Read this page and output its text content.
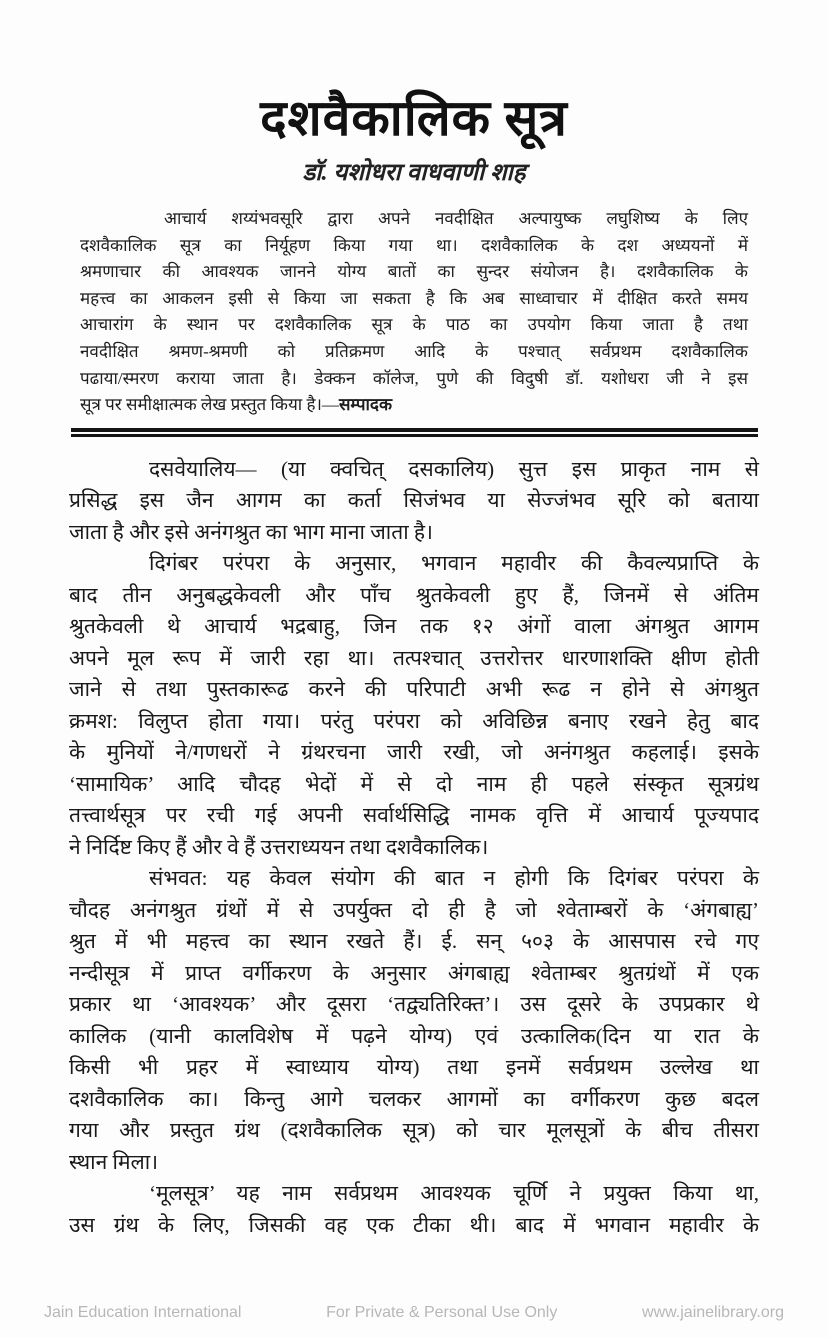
दशवैकालिक सूत्र
डॉ. यशोधरा वाधवाणी शाह
आचार्य शय्यंभवसूरि द्वारा अपने नवदीक्षित अल्पायुष्क लघुशिष्य के लिए
दशवैकालिक सूत्र का निर्यूहण किया गया था। दशवैकालिक के दश अध्ययनों में
श्रमणाचार की आवश्यक जानने योग्य बातों का सुन्दर संयोजन है। दशवैकालिक के
महत्त्व का आकलन इसी से किया जा सकता है कि अब साध्वाचार में दीक्षित करते समय
आचारांग के स्थान पर दशवैकालिक सूत्र के पाठ का उपयोग किया जाता है तथा
नवदीक्षित श्रमण-श्रमणी को प्रतिक्रमण आदि के पश्चात् सर्वप्रथम दशवैकालिक
पढाया/स्मरण कराया जाता है। डेक्कन कॉलेज, पुणे की विदुषी डॉ. यशोधरा जी ने इस
सूत्र पर समीक्षात्मक लेख प्रस्तुत किया है।—सम्पादक
दसवेयालिय— (या क्वचित् दसकालिय) सुत्त इस प्राकृत नाम से
प्रसिद्ध इस जैन आगम का कर्ता सिजंभव या सेज्जंभव सूरि को बताया
जाता है और इसे अनंगश्रुत का भाग माना जाता है।
दिगंबर परंपरा के अनुसार, भगवान महावीर की कैवल्यप्राप्ति के
बाद तीन अनुबद्धकेवली और पाँच श्रुतकेवली हुए हैं, जिनमें से अंतिम
श्रुतकेवली थे आचार्य भद्रबाहु, जिन तक १२ अंगों वाला अंगश्रुत आगम
अपने मूल रूप में जारी रहा था। तत्पश्चात् उत्तरोत्तर धारणाशक्ति क्षीण होती
जाने से तथा पुस्तकारूढ करने की परिपाटी अभी रूढ न होने से अंगश्रुत
क्रमश: विलुप्त होता गया। परंतु परंपरा को अविछिन्न बनाए रखने हेतु बाद
के मुनियों ने/गणधरों ने ग्रंथरचना जारी रखी, जो अनंगश्रुत कहलाई। इसके
‘सामायिक’ आदि चौदह भेदों में से दो नाम ही पहले संस्कृत सूत्रग्रंथ
तत्त्वार्थसूत्र पर रची गई अपनी सर्वार्थसिद्धि नामक वृत्ति में आचार्य पूज्यपाद
ने निर्दिष्ट किए हैं और वे हैं उत्तराध्ययन तथा दशवैकालिक।
संभवत: यह केवल संयोग की बात न होगी कि दिगंबर परंपरा के
चौदह अनंगश्रुत ग्रंथों में से उपर्युक्त दो ही है जो श्वेताम्बरों के ‘अंगबाह्य’
श्रुत में भी महत्त्व का स्थान रखते हैं। ई. सन् ५०३ के आसपास रचे गए
नन्दीसूत्र में प्राप्त वर्गीकरण के अनुसार अंगबाह्य श्वेताम्बर श्रुतग्रंथों में एक
प्रकार था ‘आवश्यक’ और दूसरा ‘तद्व्यतिरिक्त’। उस दूसरे के उपप्रकार थे
कालिक (यानी कालविशेष में पढ़ने योग्य) एवं उत्कालिक(दिन या रात के
किसी भी प्रहर में स्वाध्याय योग्य) तथा इनमें सर्वप्रथम उल्लेख था
दशवैकालिक का। किन्तु आगे चलकर आगमों का वर्गीकरण कुछ बदल
गया और प्रस्तुत ग्रंथ (दशवैकालिक सूत्र) को चार मूलसूत्रों के बीच तीसरा
स्थान मिला।
‘मूलसूत्र’ यह नाम सर्वप्रथम आवश्यक चूर्णि ने प्रयुक्त किया था,
उस ग्रंथ के लिए, जिसकी वह एक टीका थी। बाद में भगवान महावीर के
Jain Education International	For Private & Personal Use Only	www.jainelibrary.org
